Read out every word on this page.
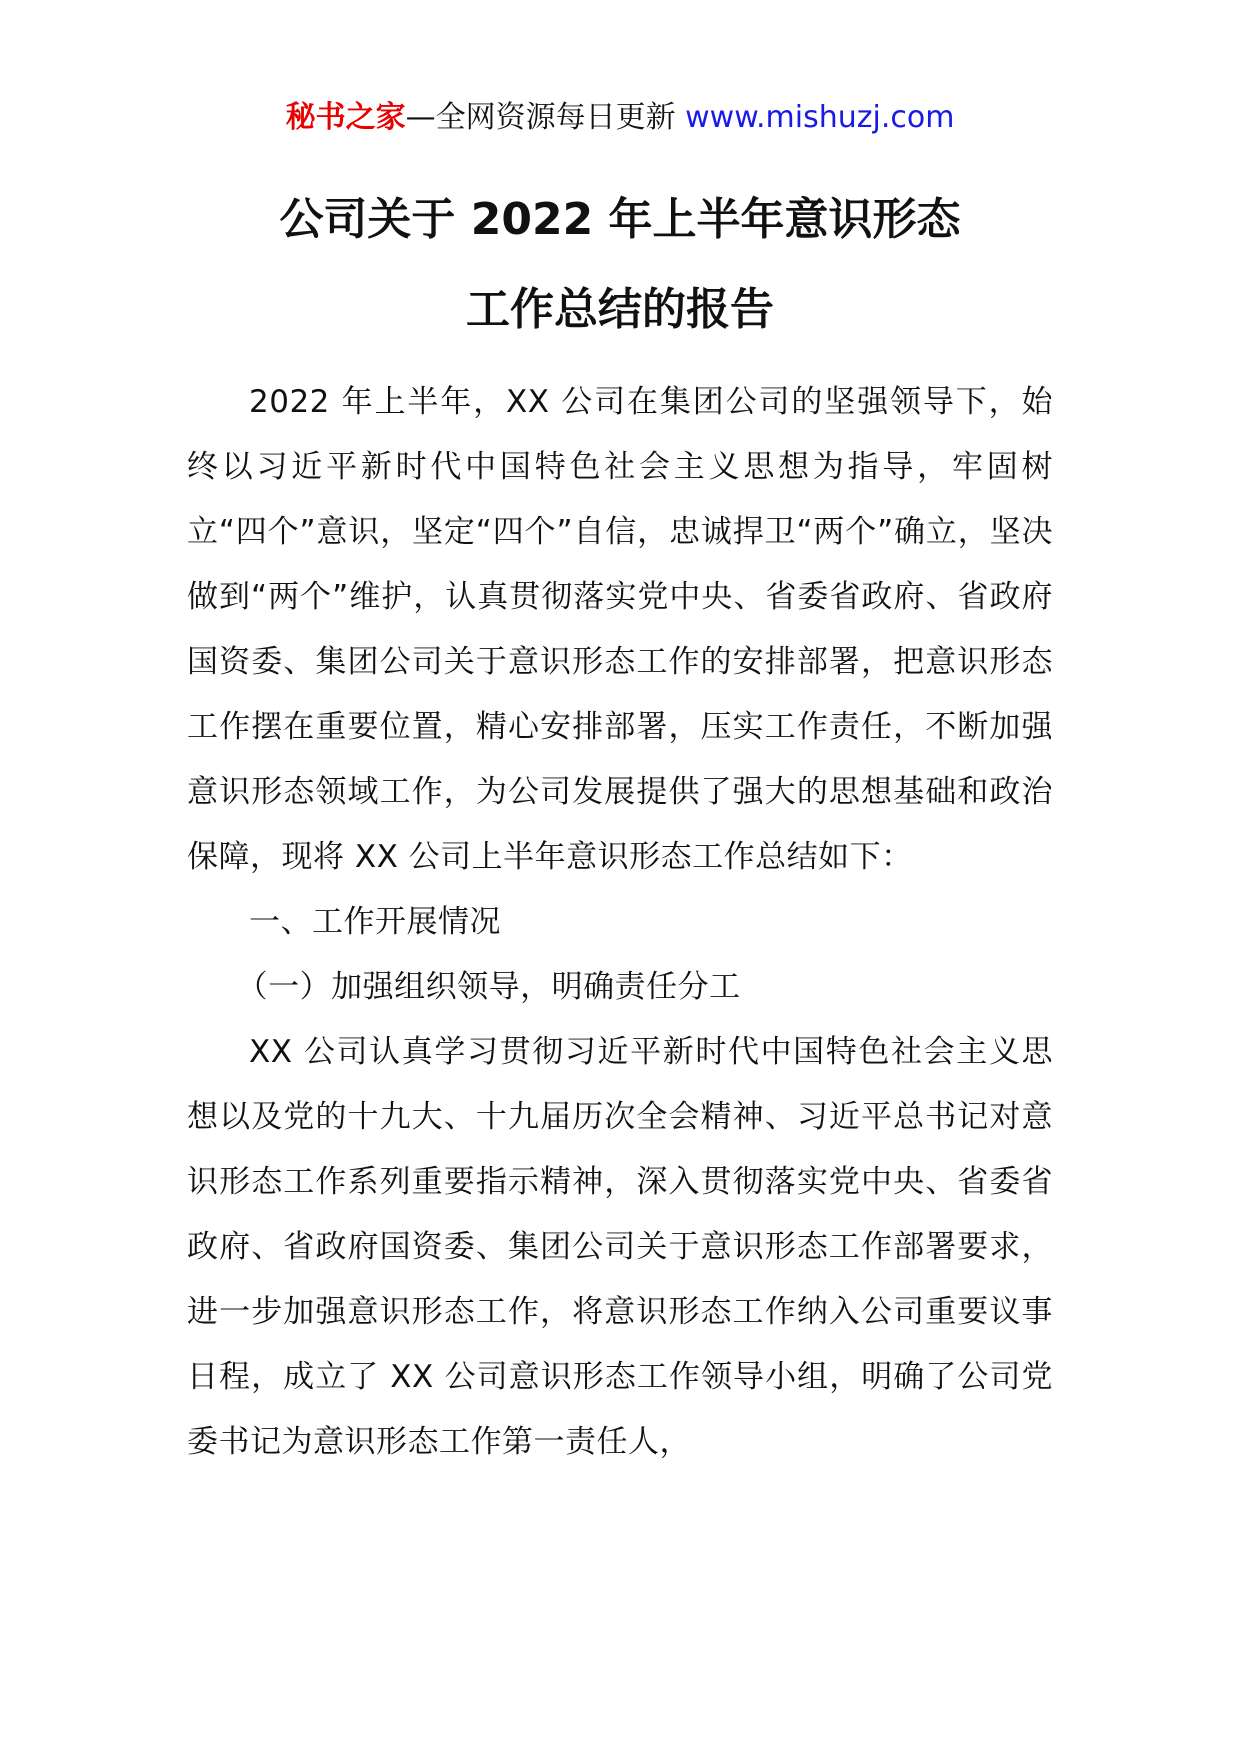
秘书之家—全网资源每日更新 www.mishuzj.com
公司关于 2022 年上半年意识形态
工作总结的报告

2022 年上半年，XX 公司在集团公司的坚强领导下，始终以习近平新时代中国特色社会主义思想为指导，牢固树立“四个”意识，坚定“四个”自信，忠诚捍卫“两个”确立，坚决做到“两个”维护，认真贯彻落实党中央、省委省政府、省政府国资委、集团公司关于意识形态工作的安排部署，把意识形态工作摆在重要位置，精心安排部署，压实工作责任，不断加强意识形态领域工作，为公司发展提供了强大的思想基础和政治保障，现将 XX 公司上半年意识形态工作总结如下：

一、工作开展情况

（一）加强组织领导，明确责任分工

XX 公司认真学习贯彻习近平新时代中国特色社会主义思想以及党的十九大、十九届历次全会精神、习近平总书记对意识形态工作系列重要指示精神，深入贯彻落实党中央、省委省政府、省政府国资委、集团公司关于意识形态工作部署要求，进一步加强意识形态工作，将意识形态工作纳入公司重要议事日程，成立了 XX 公司意识形态工作领导小组，明确了公司党委书记为意识形态工作第一责任人，
